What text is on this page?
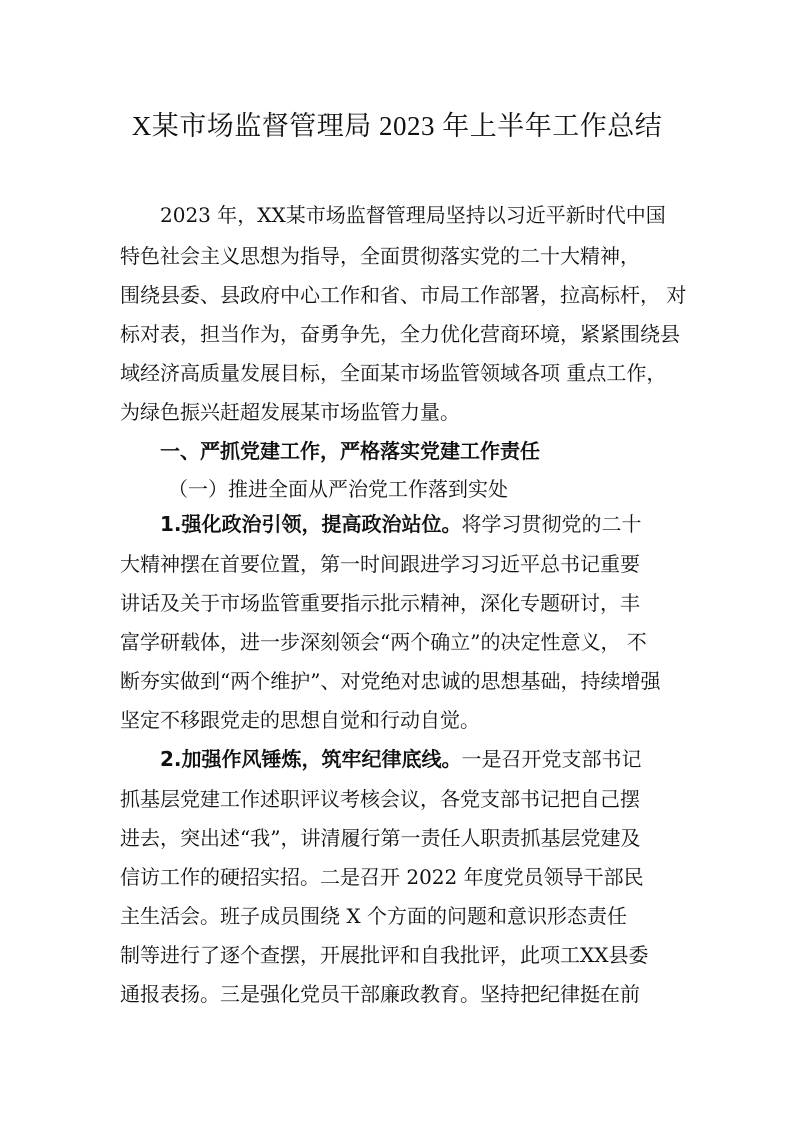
X某市场监督管理局 2023 年上半年工作总结
2023 年，XX某市场监督管理局坚持以习近平新时代中国
特色社会主义思想为指导，全面贯彻落实党的二十大精神，
围绕县委、县政府中心工作和省、市局工作部署，拉高标杆， 对
标对表，担当作为，奋勇争先，全力优化营商环境，紧紧围绕县
域经济高质量发展目标，全面某市场监管领域各项 重点工作，
为绿色振兴赶超发展某市场监管力量。
一、严抓党建工作，严格落实党建工作责任
（一）推进全面从严治党工作落到实处
1.强化政治引领，提高政治站位。将学习贯彻党的二十
大精神摆在首要位置，第一时间跟进学习习近平总书记重要
讲话及关于市场监管重要指示批示精神，深化专题研讨，丰
富学研载体，进一步深刻领会“两个确立”的决定性意义， 不
断夯实做到“两个维护”、对党绝对忠诚的思想基础，持续增强
坚定不移跟党走的思想自觉和行动自觉。
2.加强作风锤炼，筑牢纪律底线。一是召开党支部书记
抓基层党建工作述职评议考核会议，各党支部书记把自己摆
进去，突出述“我”，讲清履行第一责任人职责抓基层党建及
信访工作的硬招实招。二是召开 2022 年度党员领导干部民
主生活会。班子成员围绕 X 个方面的问题和意识形态责任
制等进行了逐个查摆，开展批评和自我批评，此项工XX县委
通报表扬。三是强化党员干部廉政教育。坚持把纪律挺在前
